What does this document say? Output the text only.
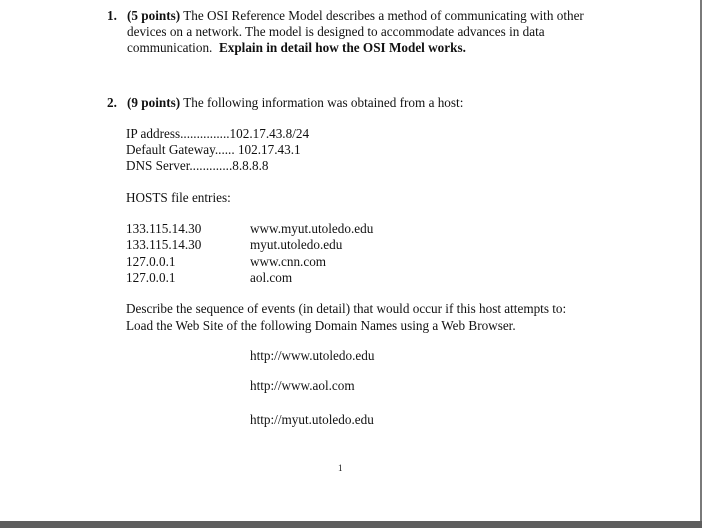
1. (5 points) The OSI Reference Model describes a method of communicating with other
devices on a network. The model is designed to accommodate advances in data
communication. Explain in detail how the OSI Model works.
2. (9 points) The following information was obtained from a host:
IP address...............102.17.43.8/24
Default Gateway...... 102.17.43.1
DNS Server.............8.8.8.8
HOSTS file entries:
133.115.14.30	www.myut.utoledo.edu
133.115.14.30	myut.utoledo.edu
127.0.0.1	www.cnn.com
127.0.0.1	aol.com
Describe the sequence of events (in detail) that would occur if this host attempts to:
Load the Web Site of the following Domain Names using a Web Browser.
http://www.utoledo.edu
http://www.aol.com
http://myut.utoledo.edu
1
